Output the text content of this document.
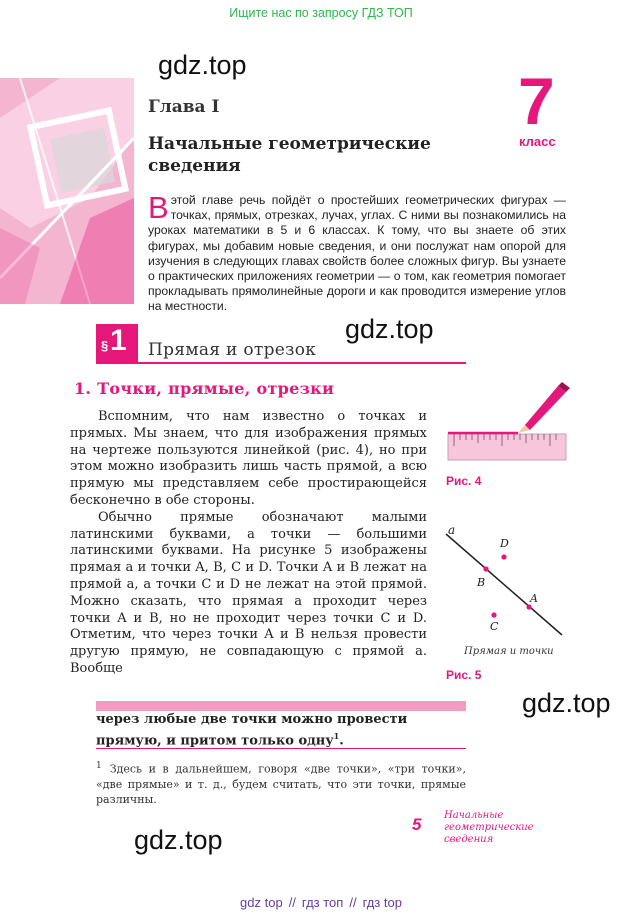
Ищите нас по запросу ГДЗ ТОП
gdz.top
Глава I
Начальные геометрические
сведения
7
класс
В этой главе речь пойдёт о простейших геометрических фигурах — точках, прямых, отрезках, лучах, углах. С ними вы познакомились на уроках математики в 5 и 6 классах. К тому, что вы знаете об этих фигурах, мы добавим новые сведения, и они послужат нам опорой для изучения в следующих главах свойств более сложных фигур. Вы узнаете о практических приложениях геометрии — о том, как геометрия помогает прокладывать прямолинейные дороги и как проводится измерение углов на местности.
§ 1 Прямая и отрезок
gdz.top
1. Точки, прямые, отрезки

Вспомним, что нам известно о точках и прямых. Мы знаем, что для изображения прямых на чертеже пользуются линейкой (рис. 4), но при этом можно изобразить лишь часть прямой, а всю прямую мы представляем себе простирающейся бесконечно в обе стороны.

Обычно прямые обозначают малыми латинскими буквами, а точки — большими латинскими буквами. На рисунке 5 изображены прямая a и точки A, B, C и D. Точки A и B лежат на прямой a, а точки C и D не лежат на этой прямой. Можно сказать, что прямая a проходит через точки A и B, но не проходит через точки C и D. Отметим, что через точки A и B нельзя провести другую прямую, не совпадающую с прямой a. Вообще

Рис. 4
a
A
B
C
D
Прямая и точки
Рис. 5
gdz.top
через любые две точки можно провести прямую, и притом только одну$^1$.
$^1$ Здесь и в дальнейшем, говоря «две точки», «три точки», «две прямые» и т. д., будем считать, что эти точки, прямые различны.
5 Начальные
геометрические
сведения
gdz.top
gdz top // гдз топ // гдз top
